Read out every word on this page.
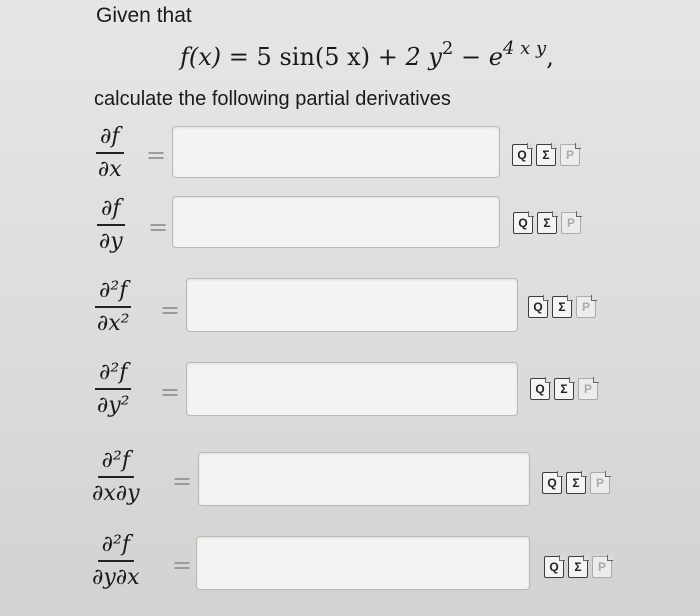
Given that
f(x) = 5 sin(5 x) + 2 $y^2 - e^{4 x y}$,
calculate the following partial derivatives
$\frac{\partial f}{\partial x}$ =	Q	Σ	P
$\frac{\partial f}{\partial y}$ =	Q	Σ	P
$\frac{\text{∂²f}}{\text{∂x²}}$ =	Q	Σ	P
$\frac{\text{∂²f}}{\text{∂y²}}$ =	Q	Σ	P
$\frac{\text{∂²f}}{\partial x\partial y}$ =	Q	Σ	P
$\frac{\text{∂²f}}{\partial y\partial x}$ =	Q	Σ	P
